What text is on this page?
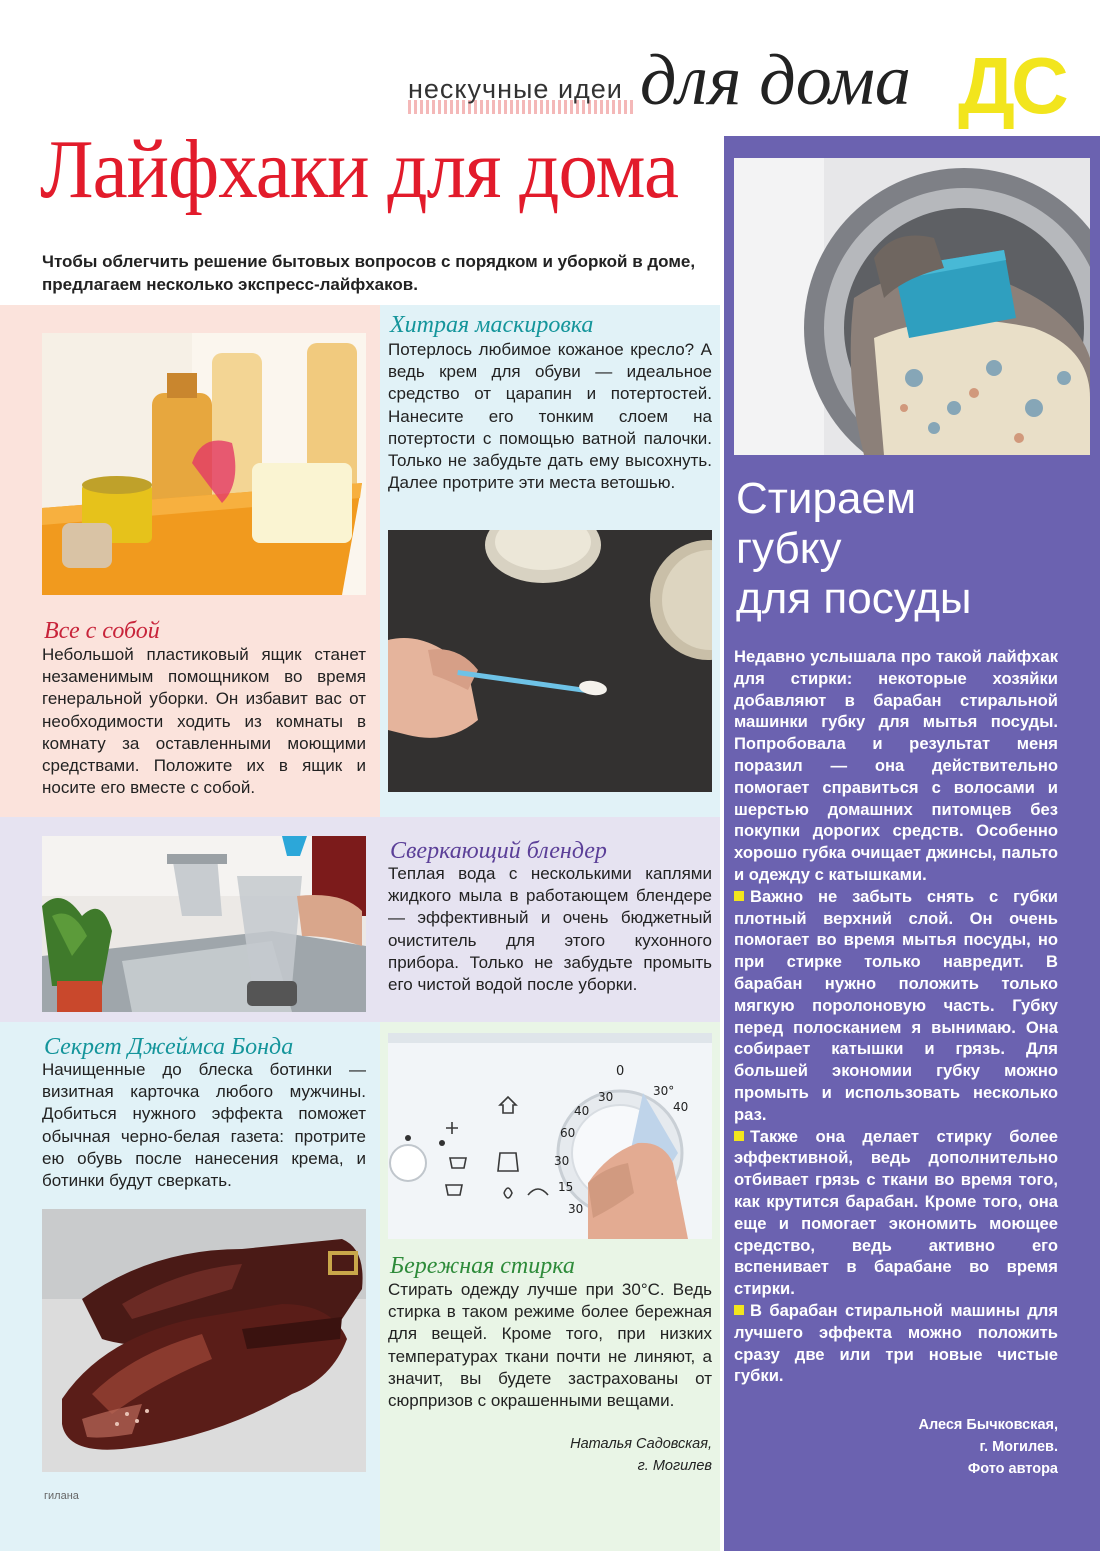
нескучные идеи для дома ДС
Лайфхаки для дома
Чтобы облегчить решение бытовых вопросов с порядком и уборкой в доме, предлагаем несколько экспресс-лайфхаков.
0
30°
40
30
40
60
30
15
30
Хитрая маскировка
Потерлось любимое кожаное кресло? А ведь крем для обуви — идеальное средство от царапин и потертостей. Нанесите его тонким слоем на потертости с помощью ватной палочки. Только не забудьте дать ему высохнуть. Далее протрите эти места ветошью.
Все с собой
Небольшой пластиковый ящик станет незаменимым помощником во время генеральной уборки. Он избавит вас от необходимости ходить из комнаты в комнату за оставленными моющими средствами. Положите их в ящик и носите его вместе с собой.
Сверкающий блендер
Теплая вода с несколькими каплями жидкого мыла в работающем блендере — эффективный и очень бюджетный очиститель для этого кухонного прибора. Только не забудьте промыть его чистой водой после уборки.
Секрет Джеймса Бонда
Начищенные до блеска ботинки — визитная карточка любого мужчины. Добиться нужного эффекта поможет обычная черно-белая газета: протрите ею обувь после нанесения крема, и ботинки будут сверкать.
Бережная стирка
Стирать одежду лучше при 30°С. Ведь стирка в таком режиме более бережная для вещей. Кроме того, при низких температурах ткани почти не линяют, а значит, вы будете застрахованы от сюрпризов с окрашенными вещами.
Наталья Садовская,
г. Могилев
Стираем
губку
для посуды

Недавно услышала про такой лайфхак для стирки: некоторые хозяйки добавляют в барабан стиральной машинки губку для мытья посуды. Попробовала и результат меня поразил — она действительно помогает справиться с волосами и шерстью домашних питомцев без покупки дорогих средств. Особенно хорошо губка очищает джинсы, пальто и одежду с катышками.

Важно не забыть снять с губки плотный верхний слой. Он очень помогает во время мытья посуды, но при стирке только навредит. В барабан нужно положить только мягкую поролоновую часть. Губку перед полосканием я вынимаю. Она собирает катышки и грязь. Для большей экономии губку можно промыть и использовать несколько раз.

Также она делает стирку более эффективной, ведь дополнительно отбивает грязь с ткани во время того, как крутится барабан. Кроме того, она еще и помогает экономить моющее средство, ведь активно его вспенивает в барабане во время стирки.

В барабан стиральной машины для лучшего эффекта можно положить сразу две или три новые чистые губки.

Алеся Бычковская,
г. Могилев.
Фото автора
гилана
